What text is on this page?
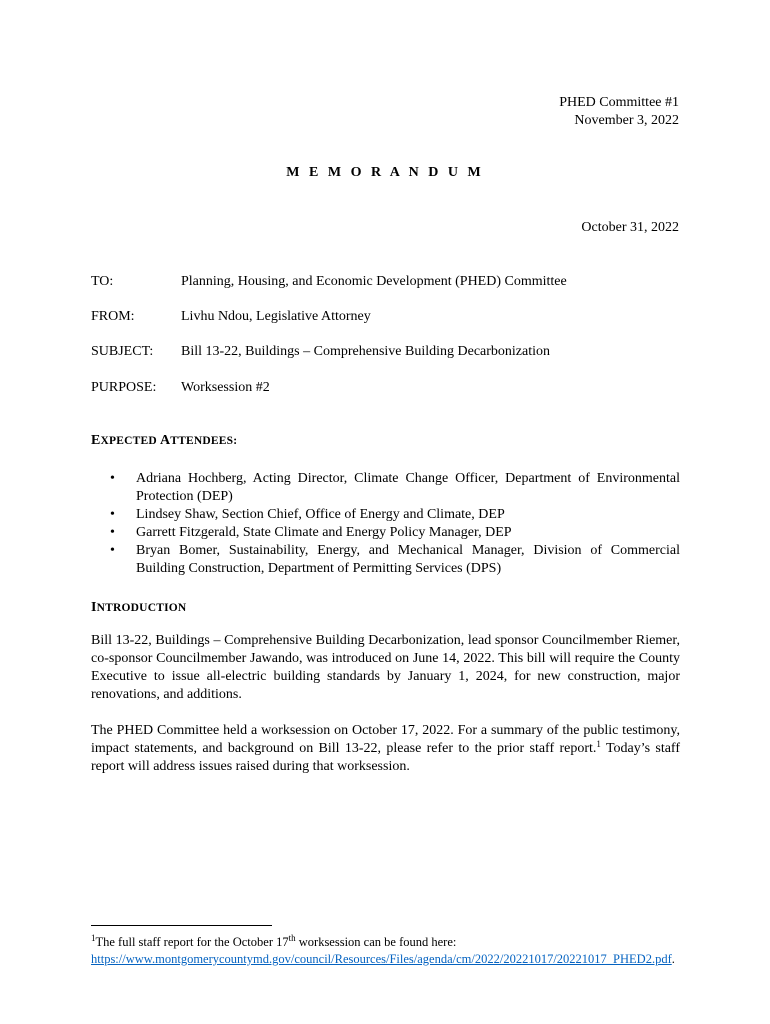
PHED Committee #1
November 3, 2022
M E M O R A N D U M
October 31, 2022
TO:	Planning, Housing, and Economic Development (PHED) Committee
FROM:	Livhu Ndou, Legislative Attorney
SUBJECT: Bill 13-22, Buildings – Comprehensive Building Decarbonization
PURPOSE: Worksession #2
EXPECTED ATTENDEES:
• Adriana Hochberg, Acting Director, Climate Change Officer, Department of Environmental Protection (DEP)
• Lindsey Shaw, Section Chief, Office of Energy and Climate, DEP
• Garrett Fitzgerald, State Climate and Energy Policy Manager, DEP
• Bryan Bomer, Sustainability, Energy, and Mechanical Manager, Division of Commercial Building Construction, Department of Permitting Services (DPS)
INTRODUCTION

Bill 13-22, Buildings – Comprehensive Building Decarbonization, lead sponsor Councilmember Riemer, co-sponsor Councilmember Jawando, was introduced on June 14, 2022. This bill will require the County Executive to issue all-electric building standards by January 1, 2024, for new construction, major renovations, and additions.

The PHED Committee held a worksession on October 17, 2022. For a summary of the public testimony, impact statements, and background on Bill 13-22, please refer to the prior staff report.$^1$ Today’s staff report will address issues raised during that worksession.

$^1$The full staff report for the October 17th worksession can be found here:
https://www.montgomerycountymd.gov/council/Resources/Files/agenda/cm/2022/20221017/20221017_PHED2.pdf.
